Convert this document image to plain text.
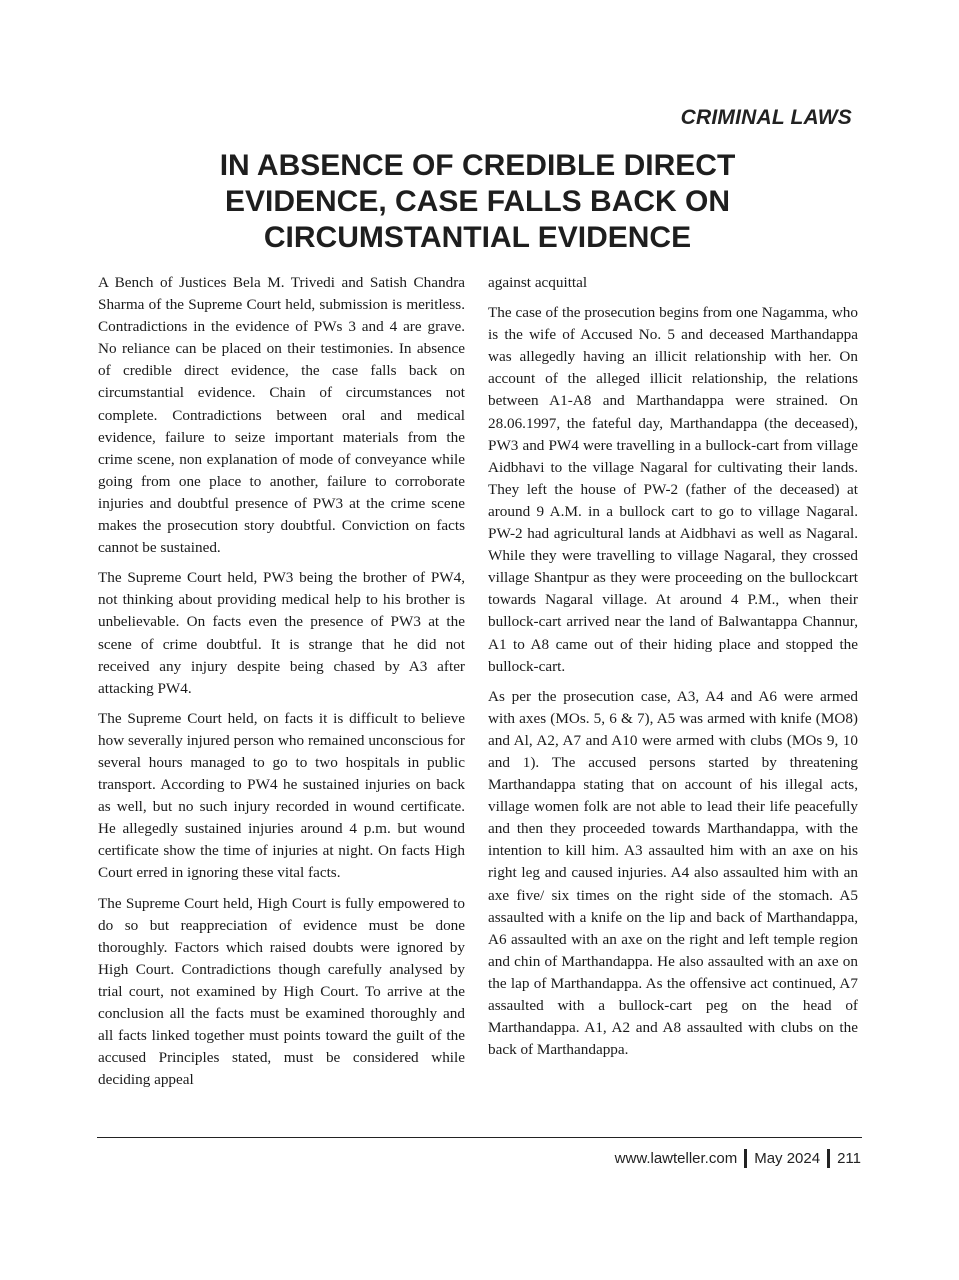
CRIMINAL LAWS
IN ABSENCE OF CREDIBLE DIRECT
EVIDENCE, CASE FALLS BACK ON
CIRCUMSTANTIAL EVIDENCE

A Bench of Justices Bela M. Trivedi and Satish Chandra Sharma of the Supreme Court held, submission is meritless. Contradictions in the evidence of PWs 3 and 4 are grave. No reliance can be placed on their testimonies. In absence of credible direct evidence, the case falls back on circumstantial evidence. Chain of circumstances not complete. Contradictions between oral and medical evidence, failure to seize important materials from the crime scene, non explanation of mode of conveyance while going from one place to another, failure to corroborate injuries and doubtful presence of PW3 at the crime scene makes the prosecution story doubtful. Conviction on facts cannot be sustained.

The Supreme Court held, PW3 being the brother of PW4, not thinking about providing medical help to his brother is unbelievable. On facts even the presence of PW3 at the scene of crime doubtful. It is strange that he did not received any injury despite being chased by A3 after attacking PW4.

The Supreme Court held, on facts it is difficult to believe how severally injured person who remained unconscious for several hours managed to go to two hospitals in public transport. According to PW4 he sustained injuries on back as well, but no such injury recorded in wound certificate. He allegedly sustained injuries around 4 p.m. but wound certificate show the time of injuries at night. On facts High Court erred in ignoring these vital facts.

The Supreme Court held, High Court is fully empowered to do so but reappreciation of evidence must be done thoroughly. Factors which raised doubts were ignored by High Court. Contradictions though carefully analysed by trial court, not examined by High Court. To arrive at the conclusion all the facts must be examined thoroughly and all facts linked together must points toward the guilt of the accused Principles stated, must be considered while deciding appeal

against acquittal

The case of the prosecution begins from one Nagamma, who is the wife of Accused No. 5 and deceased Marthandappa was allegedly having an illicit relationship with her. On account of the alleged illicit relationship, the relations between A1-A8 and Marthandappa were strained. On 28.06.1997, the fateful day, Marthandappa (the deceased), PW3 and PW4 were travelling in a bullock-cart from village Aidbhavi to the village Nagaral for cultivating their lands. They left the house of PW-2 (father of the deceased) at around 9 A.M. in a bullock cart to go to village Nagaral. PW-2 had agricultural lands at Aidbhavi as well as Nagaral. While they were travelling to village Nagaral, they crossed village Shantpur as they were proceeding on the bullockcart towards Nagaral village. At around 4 P.M., when their bullock-cart arrived near the land of Balwantappa Channur, A1 to A8 came out of their hiding place and stopped the bullock-cart.

As per the prosecution case, A3, A4 and A6 were armed with axes (MOs. 5, 6 & 7), A5 was armed with knife (MO8) and Al, A2, A7 and A10 were armed with clubs (MOs 9, 10 and 1). The accused persons started by threatening Marthandappa stating that on account of his illegal acts, village women folk are not able to lead their life peacefully and then they proceeded towards Marthandappa, with the intention to kill him. A3 assaulted him with an axe on his right leg and caused injuries. A4 also assaulted him with an axe five/ six times on the right side of the stomach. A5 assaulted with a knife on the lip and back of Marthandappa, A6 assaulted with an axe on the right and left temple region and chin of Marthandappa. He also assaulted with an axe on the lap of Marthandappa. As the offensive act continued, A7 assaulted with a bullock-cart peg on the head of Marthandappa. A1, A2 and A8 assaulted with clubs on the back of Marthandappa.

www.lawteller.com May 2024 211
